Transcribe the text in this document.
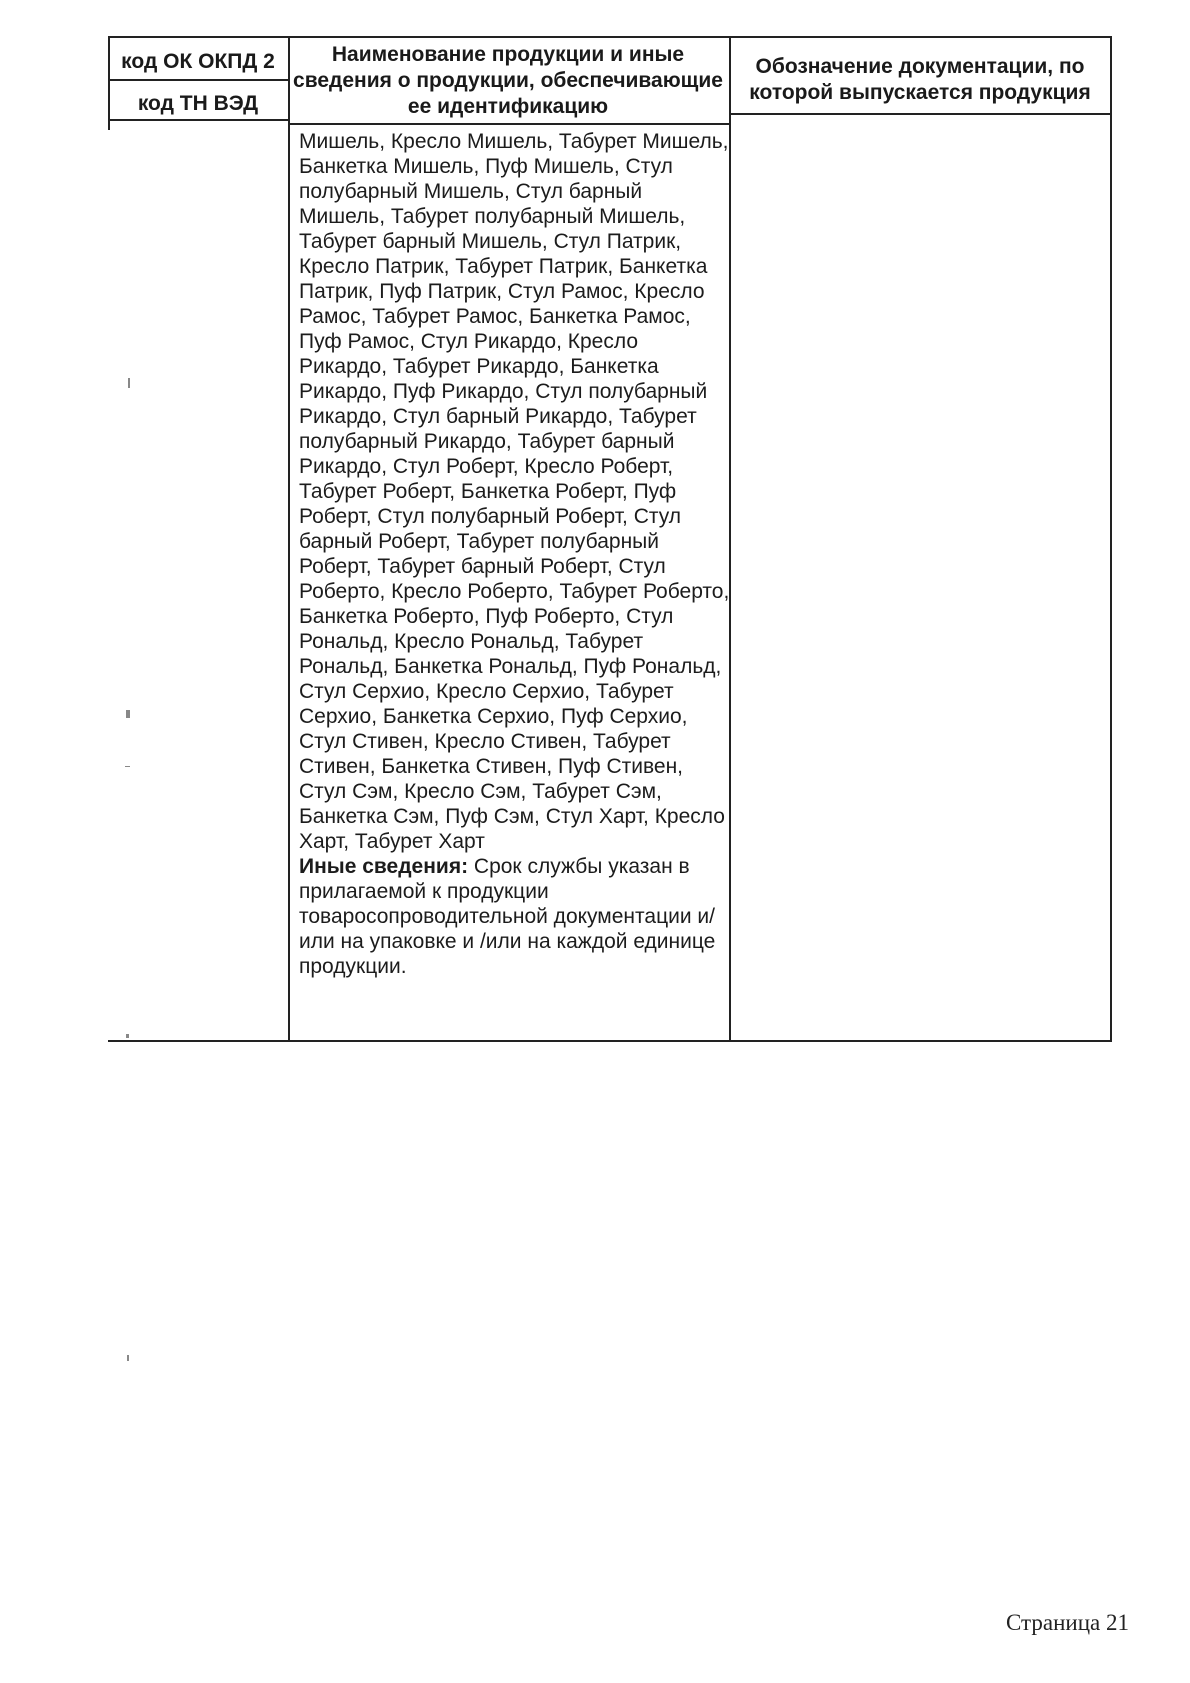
код ОК ОКПД 2
код ТН ВЭД
Наименование продукции и иные сведения о продукции, обеспечивающие ее идентификацию
Обозначение документации, по которой выпускается продукция
Мишель, Кресло Мишель, Табурет Мишель, Банкетка Мишель, Пуф Мишель, Стул полубарный Мишель, Стул барный Мишель, Табурет полубарный Мишель, Табурет барный Мишель, Стул Патрик, Кресло Патрик, Табурет Патрик, Банкетка Патрик, Пуф Патрик, Стул Рамос, Кресло Рамос, Табурет Рамос, Банкетка Рамос, Пуф Рамос, Стул Рикардо, Кресло Рикардо, Табурет Рикардо, Банкетка Рикардо, Пуф Рикардо, Стул полубарный Рикардо, Стул барный Рикардо, Табурет полубарный Рикардо, Табурет барный Рикардо, Стул Роберт, Кресло Роберт, Табурет Роберт, Банкетка Роберт, Пуф Роберт, Стул полубарный Роберт, Стул барный Роберт, Табурет полубарный Роберт, Табурет барный Роберт, Стул Роберто, Кресло Роберто, Табурет Роберто, Банкетка Роберто, Пуф Роберто, Стул Рональд, Кресло Рональд, Табурет Рональд, Банкетка Рональд, Пуф Рональд, Стул Серхио, Кресло Серхио, Табурет Серхио, Банкетка Серхио, Пуф Серхио, Стул Стивен, Кресло Стивен, Табурет Стивен, Банкетка Стивен, Пуф Стивен, Стул Сэм, Кресло Сэм, Табурет Сэм, Банкетка Сэм, Пуф Сэм, Стул Харт, Кресло Харт, Табурет Харт
Иные сведения: Срок службы указан в прилагаемой к продукции товаросопроводительной документации и/или на упаковке и /или на каждой единице продукции.
Страница 21
